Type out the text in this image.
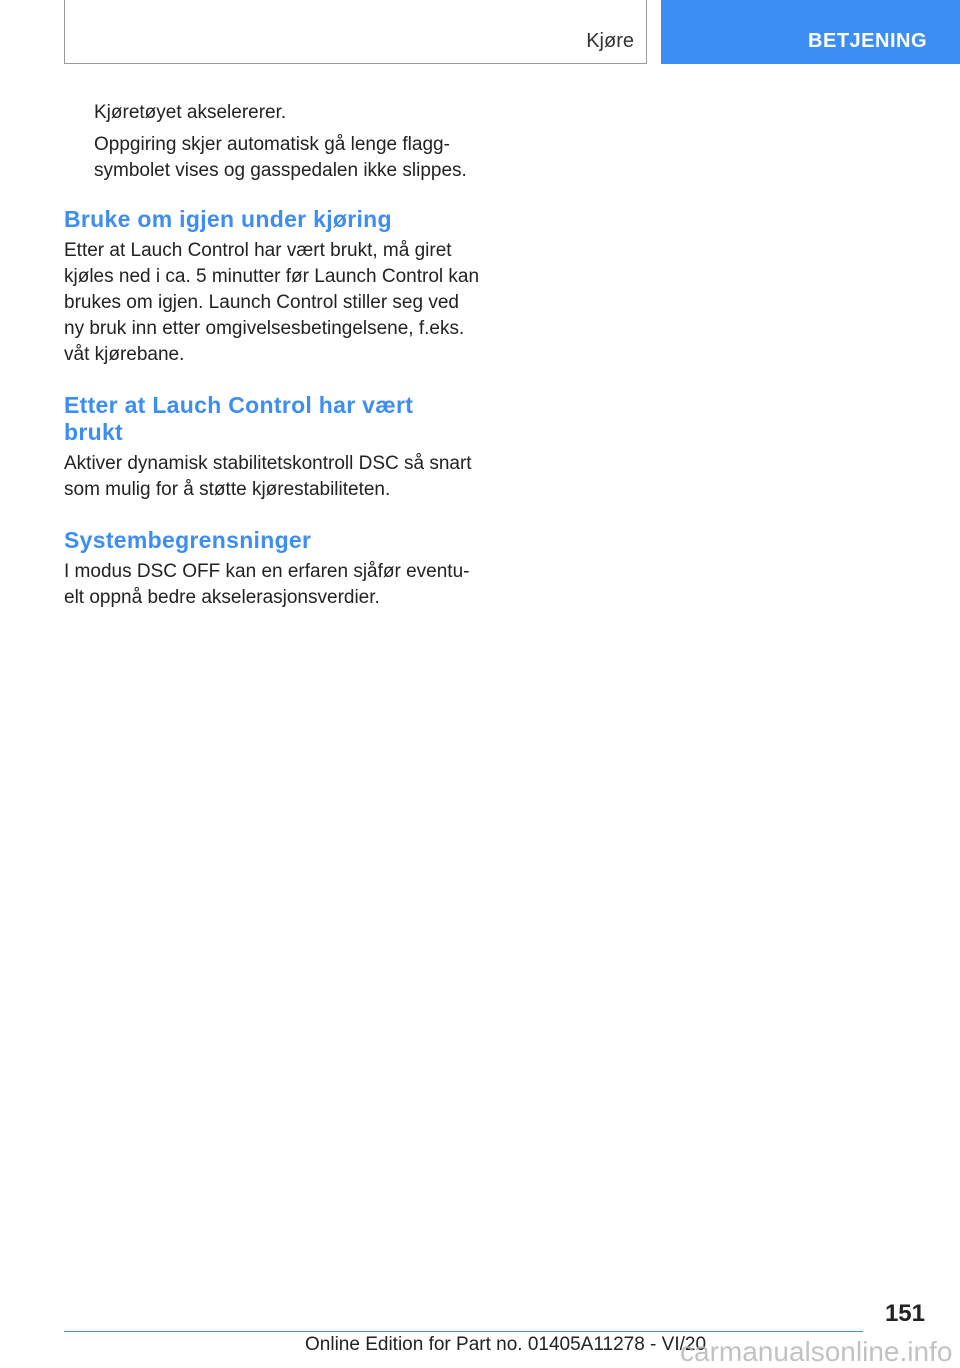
Kjøre	BETJENING

Kjøretøyet akselererer.

Oppgiring skjer automatisk gå lenge flagg-

symbolet vises og gasspedalen ikke slippes.

Bruke om igjen under kjøring

Etter at Lauch Control har vært brukt, må giret

kjøles ned i ca. 5 minutter før Launch Control kan

brukes om igjen. Launch Control stiller seg ved

ny bruk inn etter omgivelsesbetingelsene, f.eks.

våt kjørebane.

Etter at Lauch Control har vært

brukt

Aktiver dynamisk stabilitetskontroll DSC så snart

som mulig for å støtte kjørestabiliteten.

Systembegrensninger

I modus DSC OFF kan en erfaren sjåfør eventu-

elt oppnå bedre akselerasjonsverdier.

151
Online Edition for Part no. 01405A11278 - VI/20
carmanualsonline.info
